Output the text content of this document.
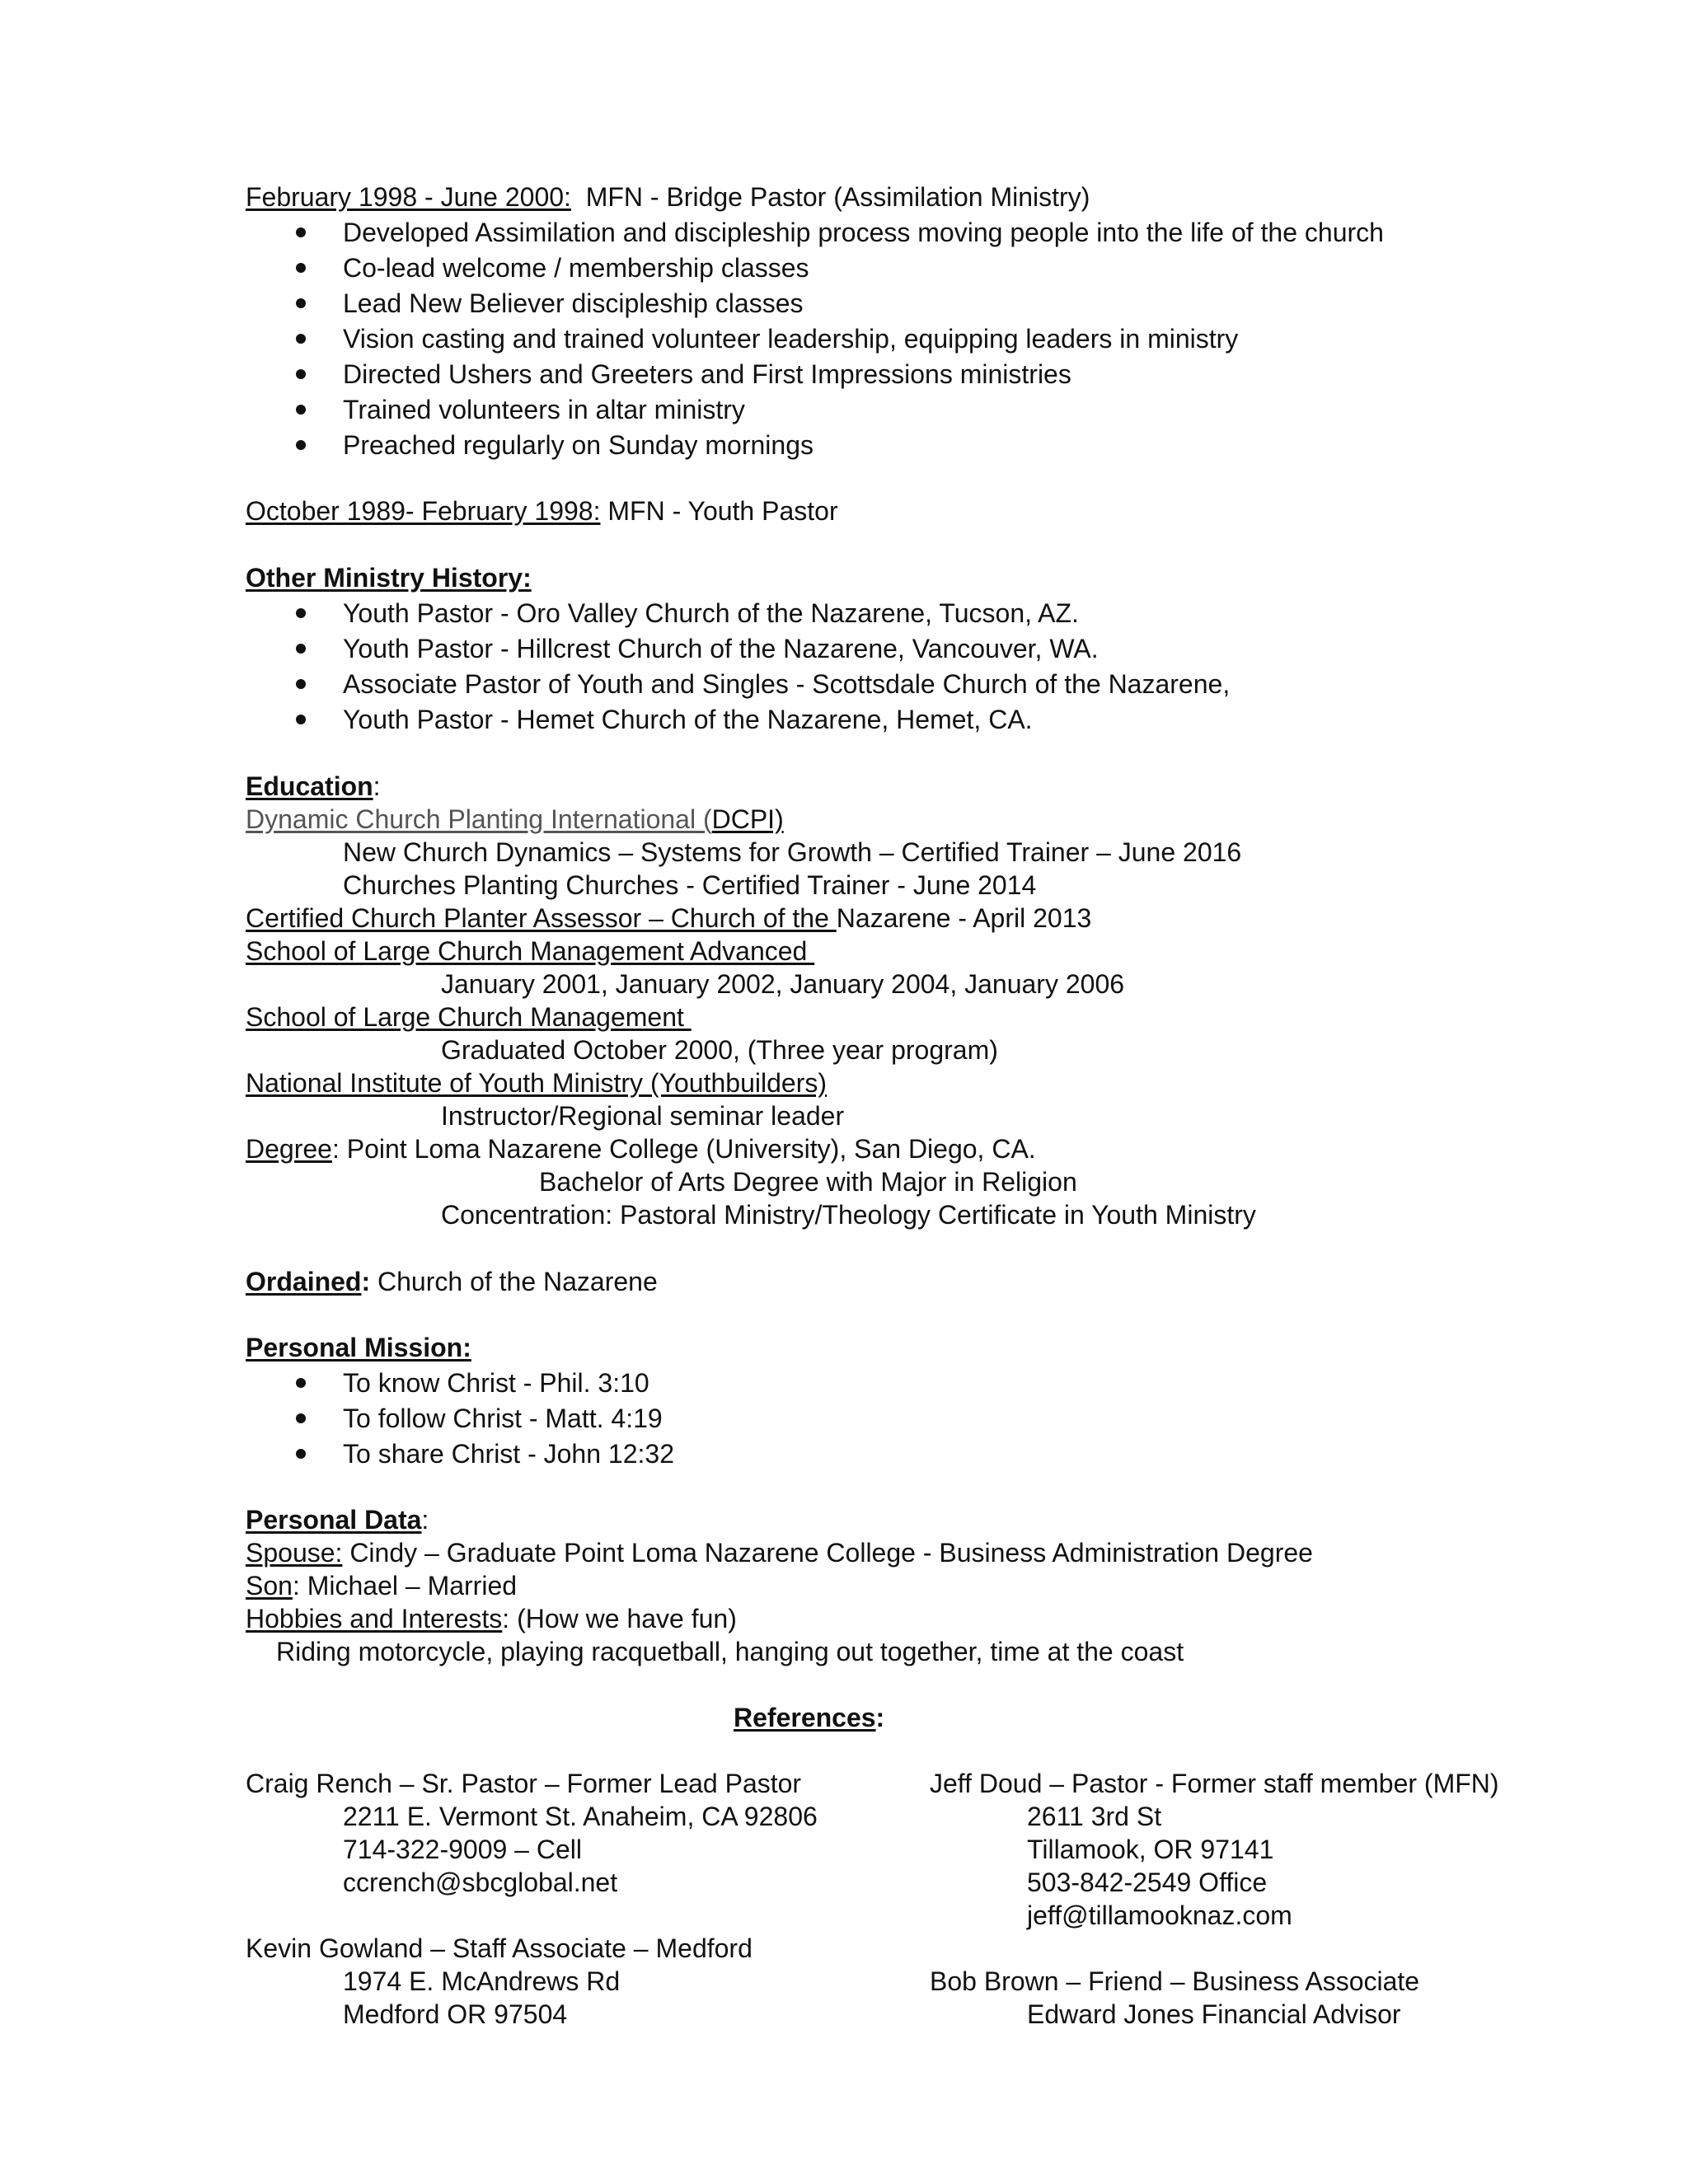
February 1998 - June 2000:  MFN - Bridge Pastor (Assimilation Ministry)
Developed Assimilation and discipleship process moving people into the life of the church
Co-lead welcome / membership classes
Lead New Believer discipleship classes
Vision casting and trained volunteer leadership, equipping leaders in ministry
Directed Ushers and Greeters and First Impressions ministries
Trained volunteers in altar ministry
Preached regularly on Sunday mornings
October 1989- February 1998: MFN - Youth Pastor
Other Ministry History:
Youth Pastor - Oro Valley Church of the Nazarene, Tucson, AZ.
Youth Pastor - Hillcrest Church of the Nazarene, Vancouver, WA.
Associate Pastor of Youth and Singles - Scottsdale Church of the Nazarene,
Youth Pastor - Hemet Church of the Nazarene, Hemet, CA.
Education:
Dynamic Church Planting International (DCPI)
New Church Dynamics – Systems for Growth – Certified Trainer – June 2016
Churches Planting Churches - Certified Trainer - June 2014
Certified Church Planter Assessor – Church of the Nazarene - April 2013
School of Large Church Management Advanced
January 2001, January 2002, January 2004, January 2006
School of Large Church Management
Graduated October 2000, (Three year program)
National Institute of Youth Ministry (Youthbuilders)
Instructor/Regional seminar leader
Degree: Point Loma Nazarene College (University), San Diego, CA.
Bachelor of Arts Degree with Major in Religion
Concentration: Pastoral Ministry/Theology Certificate in Youth Ministry
Ordained: Church of the Nazarene
Personal Mission:
To know Christ - Phil. 3:10
To follow Christ - Matt. 4:19
To share Christ - John 12:32
Personal Data:
Spouse: Cindy – Graduate Point Loma Nazarene College - Business Administration Degree
Son: Michael – Married
Hobbies and Interests: (How we have fun)
Riding motorcycle, playing racquetball, hanging out together, time at the coast
References:
Craig Rench – Sr. Pastor – Former Lead Pastor
2211 E. Vermont St. Anaheim, CA 92806
714-322-9009 – Cell
ccrench@sbcglobal.net
Jeff Doud – Pastor - Former staff member (MFN)
2611 3rd St
Tillamook, OR 97141
503-842-2549 Office
jeff@tillamooknaz.com
Kevin Gowland – Staff Associate – Medford
1974 E. McAndrews Rd
Medford OR 97504
Bob Brown – Friend – Business Associate
Edward Jones Financial Advisor
